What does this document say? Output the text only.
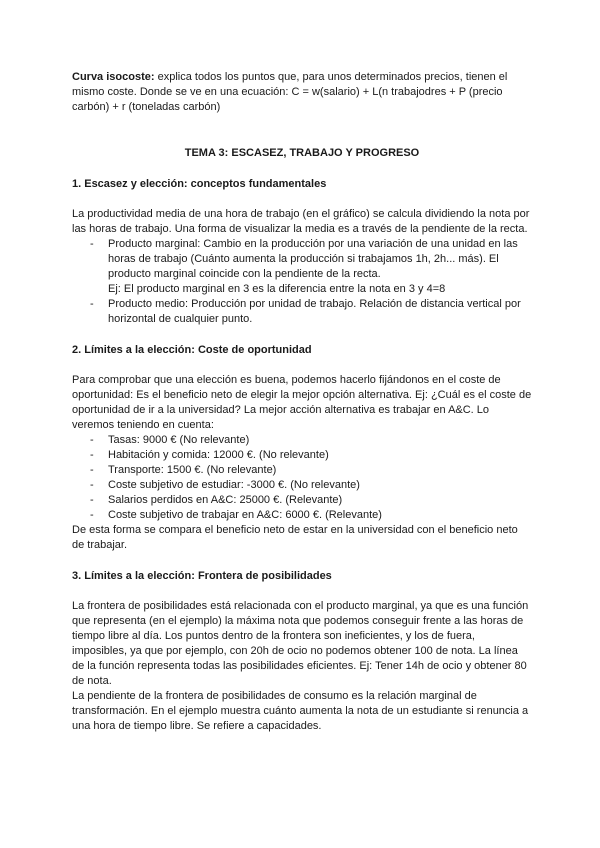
Curva isocoste: explica todos los puntos que, para unos determinados precios, tienen el mismo coste. Donde se ve en una ecuación: C = w(salario) + L(n trabajodres + P (precio carbón) + r (toneladas carbón)

TEMA 3: ESCASEZ, TRABAJO Y PROGRESO

1. Escasez y elección: conceptos fundamentales

La productividad media de una hora de trabajo (en el gráfico) se calcula dividiendo la nota por las horas de trabajo. Una forma de visualizar la media es a través de la pendiente de la recta.

- Producto marginal: Cambio en la producción por una variación de una unidad en las horas de trabajo (Cuánto aumenta la producción si trabajamos 1h, 2h... más). El producto marginal coincide con la pendiente de la recta.
Ej: El producto marginal en 3 es la diferencia entre la nota en 3 y 4=8
- Producto medio: Producción por unidad de trabajo. Relación de distancia vertical por horizontal de cualquier punto.

2. Límites a la elección: Coste de oportunidad

Para comprobar que una elección es buena, podemos hacerlo fijándonos en el coste de oportunidad: Es el beneficio neto de elegir la mejor opción alternativa. Ej: ¿Cuál es el coste de oportunidad de ir a la universidad? La mejor acción alternativa es trabajar en A&C. Lo veremos teniendo en cuenta:

- Tasas: 9000 € (No relevante)
- Habitación y comida: 12000 €. (No relevante)
- Transporte: 1500 €. (No relevante)
- Coste subjetivo de estudiar: -3000 €. (No relevante)
- Salarios perdidos en A&C: 25000 €. (Relevante)
- Coste subjetivo de trabajar en A&C: 6000 €. (Relevante)

De esta forma se compara el beneficio neto de estar en la universidad con el beneficio neto de trabajar.

3. Límites a la elección: Frontera de posibilidades

La frontera de posibilidades está relacionada con el producto marginal, ya que es una función que representa (en el ejemplo) la máxima nota que podemos conseguir frente a las horas de tiempo libre al día. Los puntos dentro de la frontera son ineficientes, y los de fuera, imposibles, ya que por ejemplo, con 20h de ocio no podemos obtener 100 de nota. La línea de la función representa todas las posibilidades eficientes. Ej: Tener 14h de ocio y obtener 80 de nota.

La pendiente de la frontera de posibilidades de consumo es la relación marginal de transformación. En el ejemplo muestra cuánto aumenta la nota de un estudiante si renuncia a una hora de tiempo libre. Se refiere a capacidades.
